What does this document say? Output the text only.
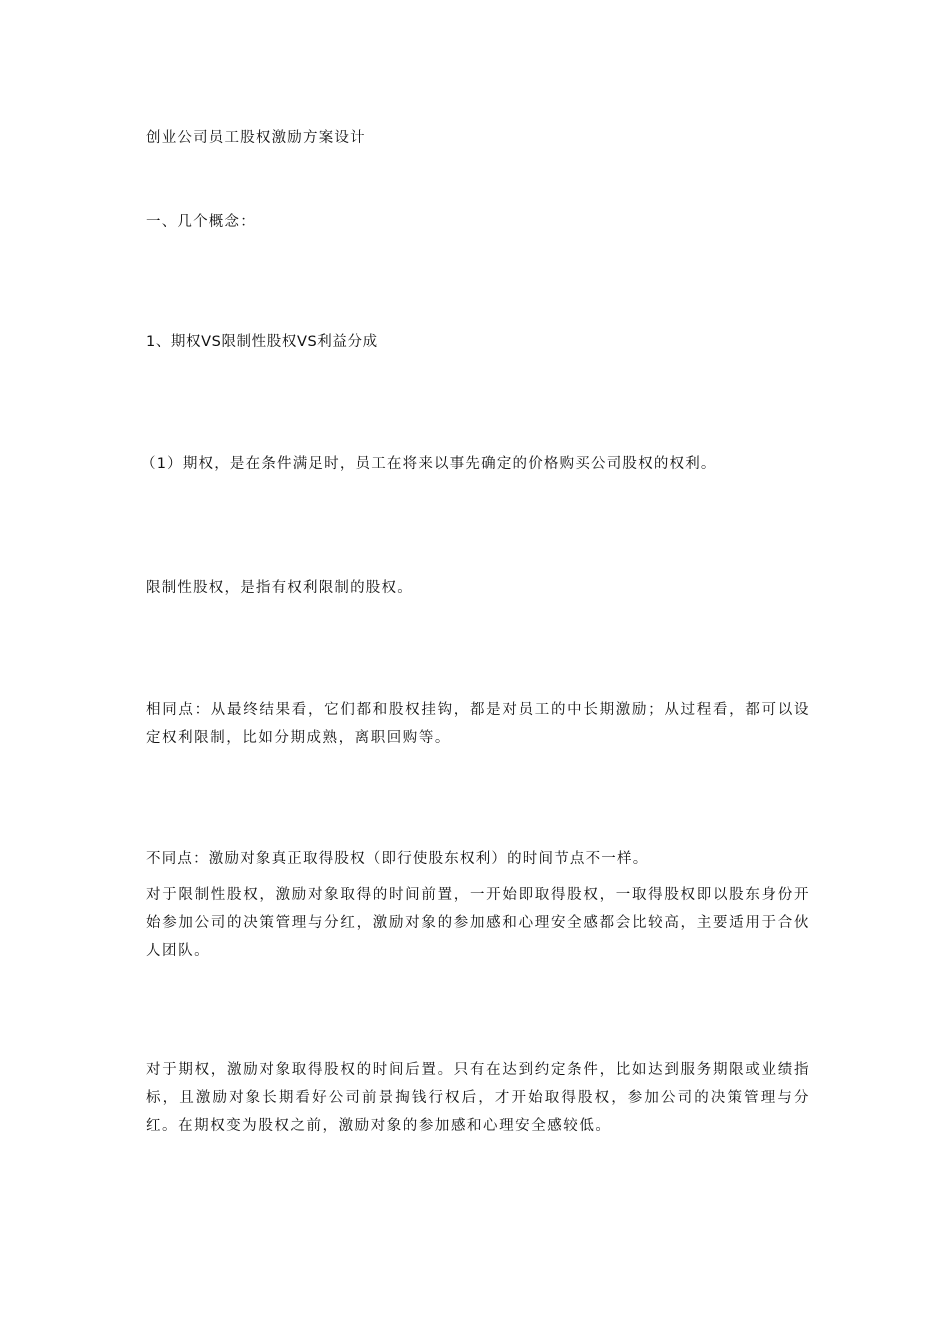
创业公司员工股权激励方案设计

一、几个概念：

1、期权VS限制性股权VS利益分成

（1）期权，是在条件满足时，员工在将来以事先确定的价格购买公司股权的权利。

限制性股权，是指有权利限制的股权。

相同点：从最终结果看，它们都和股权挂钩，都是对员工的中长期激励；从过程看，都可以设定权利限制，比如分期成熟，离职回购等。

不同点：激励对象真正取得股权（即行使股东权利）的时间节点不一样。

对于限制性股权，激励对象取得的时间前置，一开始即取得股权，一取得股权即以股东身份开始参加公司的决策管理与分红，激励对象的参加感和心理安全感都会比较高，主要适用于合伙人团队。

对于期权，激励对象取得股权的时间后置。只有在达到约定条件，比如达到服务期限或业绩指标，且激励对象长期看好公司前景掏钱行权后，才开始取得股权，参加公司的决策管理与分红。在期权变为股权之前，激励对象的参加感和心理安全感较低。
